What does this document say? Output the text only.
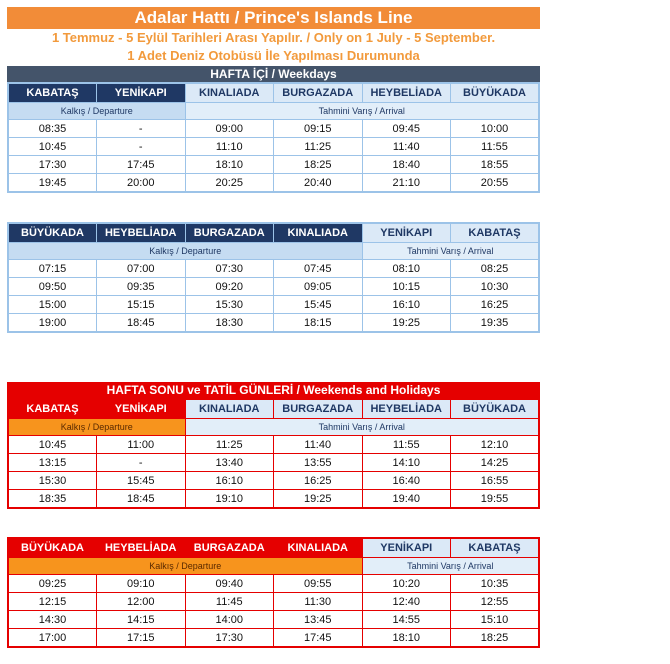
Adalar Hattı / Prince's Islands Line
1 Temmuz - 5 Eylül Tarihleri Arası Yapılır. / Only on 1 July - 5 September.
1 Adet Deniz Otobüsü İle Yapılması Durumunda
HAFTA İÇİ / Weekdays
KABATAŞ	YENİKAPI	KINALIADA	BURGAZADA	HEYBELİADA	BÜYÜKADA
Kalkış / Departure		Tahmini Varış / Arrival			
08:35	-	09:00	09:15	09:45	10:00
10:45	-	11:10	11:25	11:40	11:55
17:30	17:45	18:10	18:25	18:40	18:55
19:45	20:00	20:25	20:40	21:10	20:55
BÜYÜKADA	HEYBELİADA	BURGAZADA	KINALIADA	YENİKAPI	KABATAŞ
Kalkış / Departure				Tahmini Varış / Arrival	
07:15	07:00	07:30	07:45	08:10	08:25
09:50	09:35	09:20	09:05	10:15	10:30
15:00	15:15	15:30	15:45	16:10	16:25
19:00	18:45	18:30	18:15	19:25	19:35
HAFTA SONU ve TATİL GÜNLERİ / Weekends and Holidays
KABATAŞ	YENİKAPI	KINALIADA	BURGAZADA	HEYBELİADA	BÜYÜKADA
Kalkış / Departure		Tahmini Varış / Arrival			
10:45	11:00	11:25	11:40	11:55	12:10
13:15	-	13:40	13:55	14:10	14:25
15:30	15:45	16:10	16:25	16:40	16:55
18:35	18:45	19:10	19:25	19:40	19:55
BÜYÜKADA	HEYBELİADA	BURGAZADA	KINALIADA	YENİKAPI	KABATAŞ
Kalkış / Departure				Tahmini Varış / Arrival	
09:25	09:10	09:40	09:55	10:20	10:35
12:15	12:00	11:45	11:30	12:40	12:55
14:30	14:15	14:00	13:45	14:55	15:10
17:00	17:15	17:30	17:45	18:10	18:25
